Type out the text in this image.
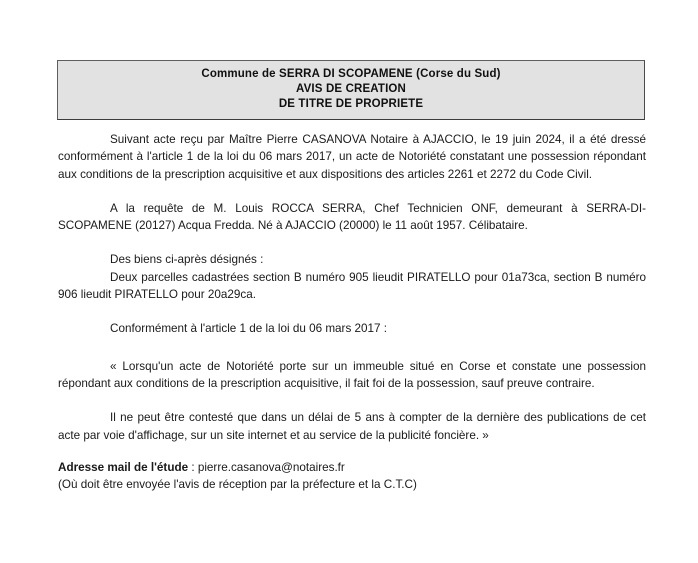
Commune de SERRA DI SCOPAMENE (Corse du Sud)
AVIS DE CREATION
DE TITRE DE PROPRIETE

Suivant acte reçu par Maître Pierre CASANOVA Notaire à AJACCIO, le 19 juin 2024, il a été dressé conformément à l'article 1 de la loi du 06 mars 2017, un acte de Notoriété constatant une possession répondant aux conditions de la prescription acquisitive et aux dispositions des articles 2261 et 2272 du Code Civil.

A la requête de M. Louis ROCCA SERRA, Chef Technicien ONF, demeurant à SERRA-DI-SCOPAMENE (20127) Acqua Fredda. Né à AJACCIO (20000) le 11 août 1957. Célibataire.

Des biens ci-après désignés :

Deux parcelles cadastrées section B numéro 905 lieudit PIRATELLO pour 01a73ca, section B numéro 906 lieudit PIRATELLO pour 20a29ca.

Conformément à l'article 1 de la loi du 06 mars 2017 :

« Lorsqu'un acte de Notoriété porte sur un immeuble situé en Corse et constate une possession répondant aux conditions de la prescription acquisitive, il fait foi de la possession, sauf preuve contraire.

Il ne peut être contesté que dans un délai de 5 ans à compter de la dernière des publications de cet acte par voie d'affichage, sur un site internet et au service de la publicité foncière. »

Adresse mail de l'étude : pierre.casanova@notaires.fr
(Où doit être envoyée l'avis de réception par la préfecture et la C.T.C)
